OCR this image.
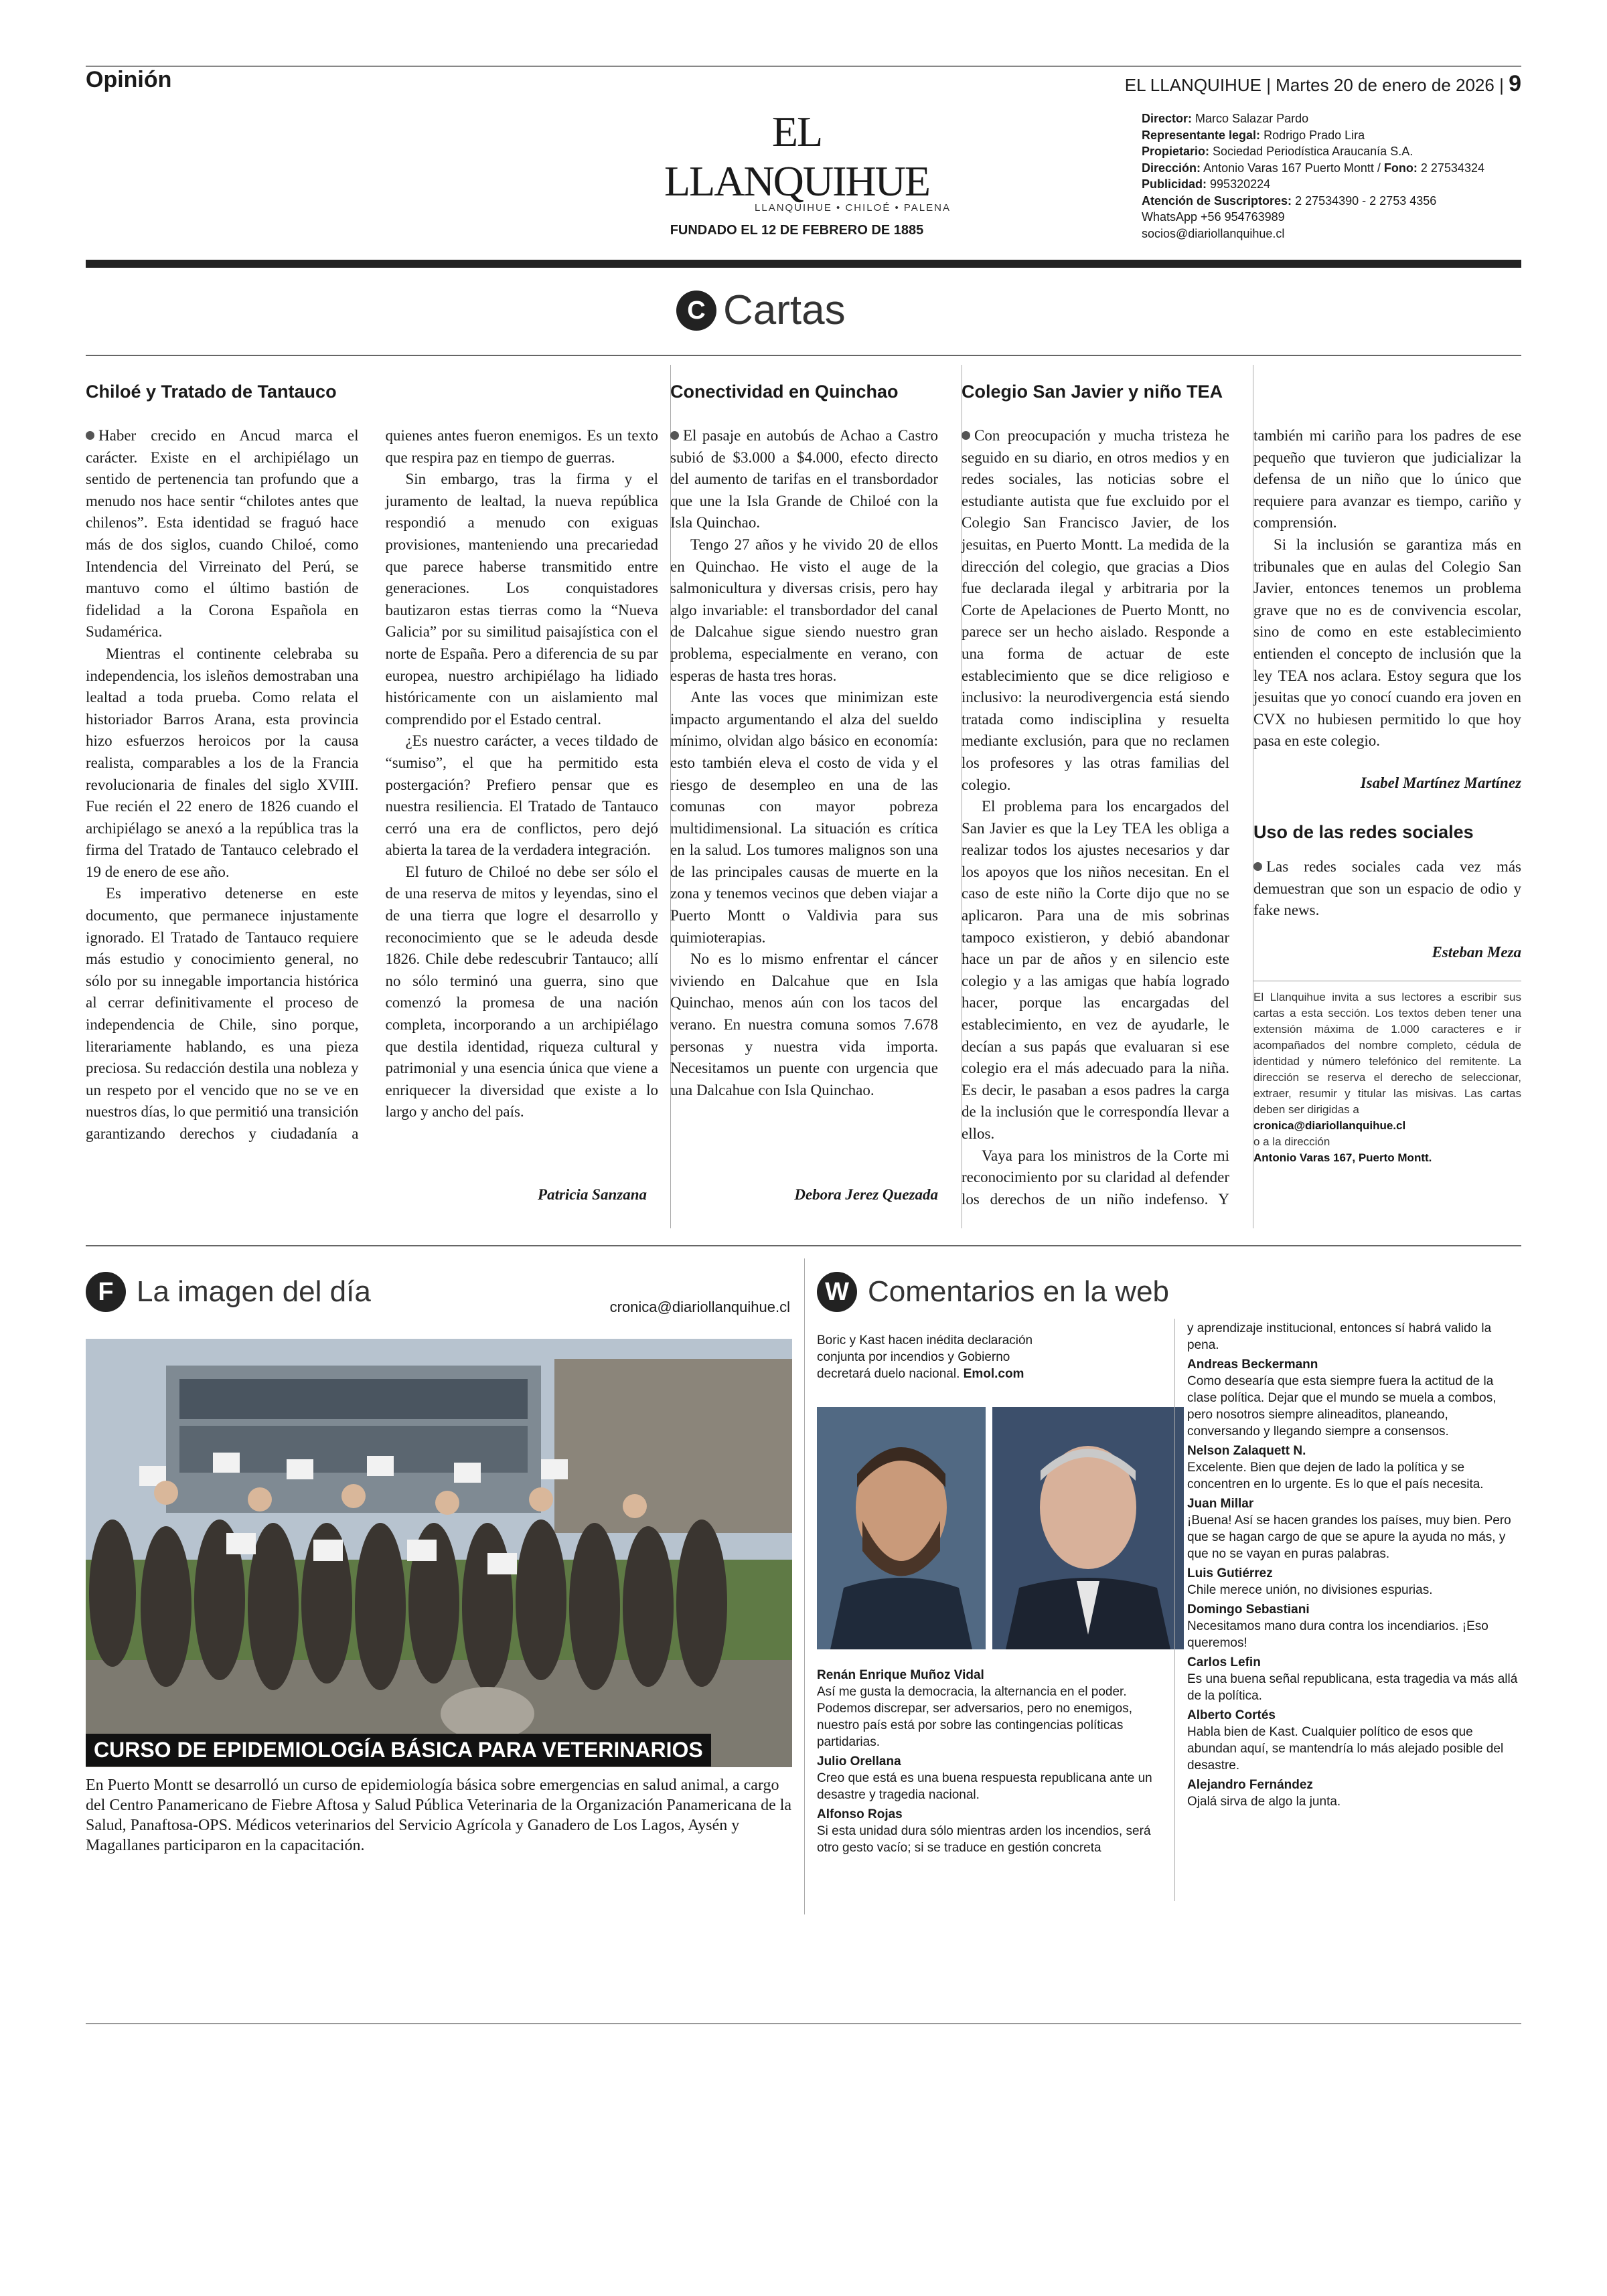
Opinión	EL LLANQUIHUE | Martes 20 de enero de 2026 | 9
EL LLANQUIHUE
LLANQUIHUE • CHILOÉ • PALENA
FUNDADO EL 12 DE FEBRERO DE 1885
Director: Marco Salazar Pardo
Representante legal: Rodrigo Prado Lira
Propietario: Sociedad Periodística Araucanía S.A.
Dirección: Antonio Varas 167 Puerto Montt / Fono: 2 27534324
Publicidad: 995320224
Atención de Suscriptores: 2 27534390 - 2 2753 4356
WhatsApp +56 954763989
socios@diariollanquihue.cl
C Cartas
Chiloé y Tratado de Tantauco

Haber crecido en Ancud marca el carácter. Existe en el archipiélago un sentido de pertenencia tan profundo que a menudo nos hace sentir “chilotes antes que chilenos”. Esta identidad se fraguó hace más de dos siglos, cuando Chiloé, como Intendencia del Virreinato del Perú, se mantuvo como el último bastión de fidelidad a la Corona Española en Sudamérica.

Mientras el continente celebraba su independencia, los isleños demostraban una lealtad a toda prueba. Como relata el historiador Barros Arana, esta provincia hizo esfuerzos heroicos por la causa realista, comparables a los de la Francia revolucionaria de finales del siglo XVIII. Fue recién el 22 enero de 1826 cuando el archipiélago se anexó a la república tras la firma del Tratado de Tantauco celebrado el 19 de enero de ese año.

Es imperativo detenerse en este documento, que permanece injustamente ignorado. El Tratado de Tantauco requiere más estudio y conocimiento general, no sólo por su innegable importancia histórica al cerrar definitivamente el proceso de independencia de Chile, sino porque, literariamente hablando, es una pieza preciosa. Su redacción destila una nobleza y un respeto por el vencido que no se ve en nuestros días, lo que permitió una transición garantizando derechos y ciudadanía a quienes antes fueron enemigos. Es un texto que respira paz en tiempo de guerras.

Sin embargo, tras la firma y el juramento de lealtad, la nueva república respondió a menudo con exiguas provisiones, manteniendo una precariedad que parece haberse transmitido entre generaciones. Los conquistadores bautizaron estas tierras como la “Nueva Galicia” por su similitud paisajística con el norte de España. Pero a diferencia de su par europea, nuestro archipiélago ha lidiado históricamente con un aislamiento mal comprendido por el Estado central.

¿Es nuestro carácter, a veces tildado de “sumiso”, el que ha permitido esta postergación? Prefiero pensar que es nuestra resiliencia. El Tratado de Tantauco cerró una era de conflictos, pero dejó abierta la tarea de la verdadera integración.

El futuro de Chiloé no debe ser sólo el de una reserva de mitos y leyendas, sino el de una tierra que logre el desarrollo y reconocimiento que se le adeuda desde 1826. Chile debe redescubrir Tantauco; allí no sólo terminó una guerra, sino que comenzó la promesa de una nación completa, incorporando a un archipiélago que destila identidad, riqueza cultural y patrimonial y una esencia única que viene a enriquecer la diversidad que existe a lo largo y ancho del país.

Patricia Sanzana
Conectividad en Quinchao

El pasaje en autobús de Achao a Castro subió de $3.000 a $4.000, efecto directo del aumento de tarifas en el transbordador que une la Isla Grande de Chiloé con la Isla Quinchao.

Tengo 27 años y he vivido 20 de ellos en Quinchao. He visto el auge de la salmonicultura y diversas crisis, pero hay algo invariable: el transbordador del canal de Dalcahue sigue siendo nuestro gran problema, especialmente en verano, con esperas de hasta tres horas.

Ante las voces que minimizan este impacto argumentando el alza del sueldo mínimo, olvidan algo básico en economía: esto también eleva el costo de vida y el riesgo de desempleo en una de las comunas con mayor pobreza multidimensional. La situación es crítica en la salud. Los tumores malignos son una de las principales causas de muerte en la zona y tenemos vecinos que deben viajar a Puerto Montt o Valdivia para sus quimioterapias.

No es lo mismo enfrentar el cáncer viviendo en Dalcahue que en Isla Quinchao, menos aún con los tacos del verano. En nuestra comuna somos 7.678 personas y nuestra vida importa. Necesitamos un puente con urgencia que una Dalcahue con Isla Quinchao.

Debora Jerez Quezada
Colegio San Javier y niño TEA

Con preocupación y mucha tristeza he seguido en su diario, en otros medios y en redes sociales, las noticias sobre el estudiante autista que fue excluido por el Colegio San Francisco Javier, de los jesuitas, en Puerto Montt. La medida de la dirección del colegio, que gracias a Dios fue declarada ilegal y arbitraria por la Corte de Apelaciones de Puerto Montt, no parece ser un hecho aislado. Responde a una forma de actuar de este establecimiento que se dice religioso e inclusivo: la neurodivergencia está siendo tratada como indisciplina y resuelta mediante exclusión, para que no reclamen los profesores y las otras familias del colegio.

El problema para los encargados del San Javier es que la Ley TEA les obliga a realizar todos los ajustes necesarios y dar los apoyos que los niños necesitan. En el caso de este niño la Corte dijo que no se aplicaron. Para una de mis sobrinas tampoco existieron, y debió abandonar hace un par de años y en silencio este colegio y a las amigas que había logrado hacer, porque las encargadas del establecimiento, en vez de ayudarle, le decían a sus papás que evaluaran si ese colegio era el más adecuado para la niña. Es decir, le pasaban a esos padres la carga de la inclusión que le correspondía llevar a ellos.

Vaya para los ministros de la Corte mi reconocimiento por su claridad al defender los derechos de un niño indefenso. Y también mi cariño para los padres de ese pequeño que tuvieron que judicializar la defensa de un niño que lo único que requiere para avanzar es tiempo, cariño y comprensión.

Si la inclusión se garantiza más en tribunales que en aulas del Colegio San Javier, entonces tenemos un problema grave que no es de convivencia escolar, sino de como en este establecimiento entienden el concepto de inclusión que la ley TEA nos aclara. Estoy segura que los jesuitas que yo conocí cuando era joven en CVX no hubiesen permitido lo que hoy pasa en este colegio.

Isabel Martínez Martínez
Uso de las redes sociales

Las redes sociales cada vez más demuestran que son un espacio de odio y fake news.

Esteban Meza
El Llanquihue invita a sus lectores a escribir sus cartas a esta sección. Los textos deben tener una extensión máxima de 1.000 caracteres e ir acompañados del nombre completo, cédula de identidad y número telefónico del remitente. La dirección se reserva el derecho de seleccionar, extraer, resumir y titular las misivas. Las cartas deben ser dirigidas a
cronica@diariollanquihue.cl
o a la dirección
Antonio Varas 167, Puerto Montt.
F La imagen del día	cronica@diariollanquihue.cl
CURSO DE EPIDEMIOLOGÍA BÁSICA PARA VETERINARIOS
En Puerto Montt se desarrolló un curso de epidemiología básica sobre emergencias en salud animal, a cargo del Centro Panamericano de Fiebre Aftosa y Salud Pública Veterinaria de la Organización Panamericana de la Salud, Panaftosa-OPS. Médicos veterinarios del Servicio Agrícola y Ganadero de Los Lagos, Aysén y Magallanes participaron en la capacitación.
W Comentarios en la web
Boric y Kast hacen inédita declaración conjunta por incendios y Gobierno decretará duelo nacional. Emol.com
Renán Enrique Muñoz Vidal
Así me gusta la democracia, la alternancia en el poder. Podemos discrepar, ser adversarios, pero no enemigos, nuestro país está por sobre las contingencias políticas partidarias.
Julio Orellana
Creo que está es una buena respuesta republicana ante un desastre y tragedia nacional.
Alfonso Rojas
Si esta unidad dura sólo mientras arden los incendios, será otro gesto vacío; si se traduce en gestión concreta
y aprendizaje institucional, entonces sí habrá valido la pena.
Andreas Beckermann
Como desearía que esta siempre fuera la actitud de la clase política. Dejar que el mundo se muela a combos, pero nosotros siempre alineaditos, planeando, conversando y llegando siempre a consensos.
Nelson Zalaquett N.
Excelente. Bien que dejen de lado la política y se concentren en lo urgente. Es lo que el país necesita.
Juan Millar
¡Buena! Así se hacen grandes los países, muy bien. Pero que se hagan cargo de que se apure la ayuda no más, y que no se vayan en puras palabras.
Luis Gutiérrez
Chile merece unión, no divisiones espurias.
Domingo Sebastiani
Necesitamos mano dura contra los incendiarios. ¡Eso queremos!
Carlos Lefin
Es una buena señal republicana, esta tragedia va más allá de la política.
Alberto Cortés
Habla bien de Kast. Cualquier político de esos que abundan aquí, se mantendría lo más alejado posible del desastre.
Alejandro Fernández
Ojalá sirva de algo la junta.
